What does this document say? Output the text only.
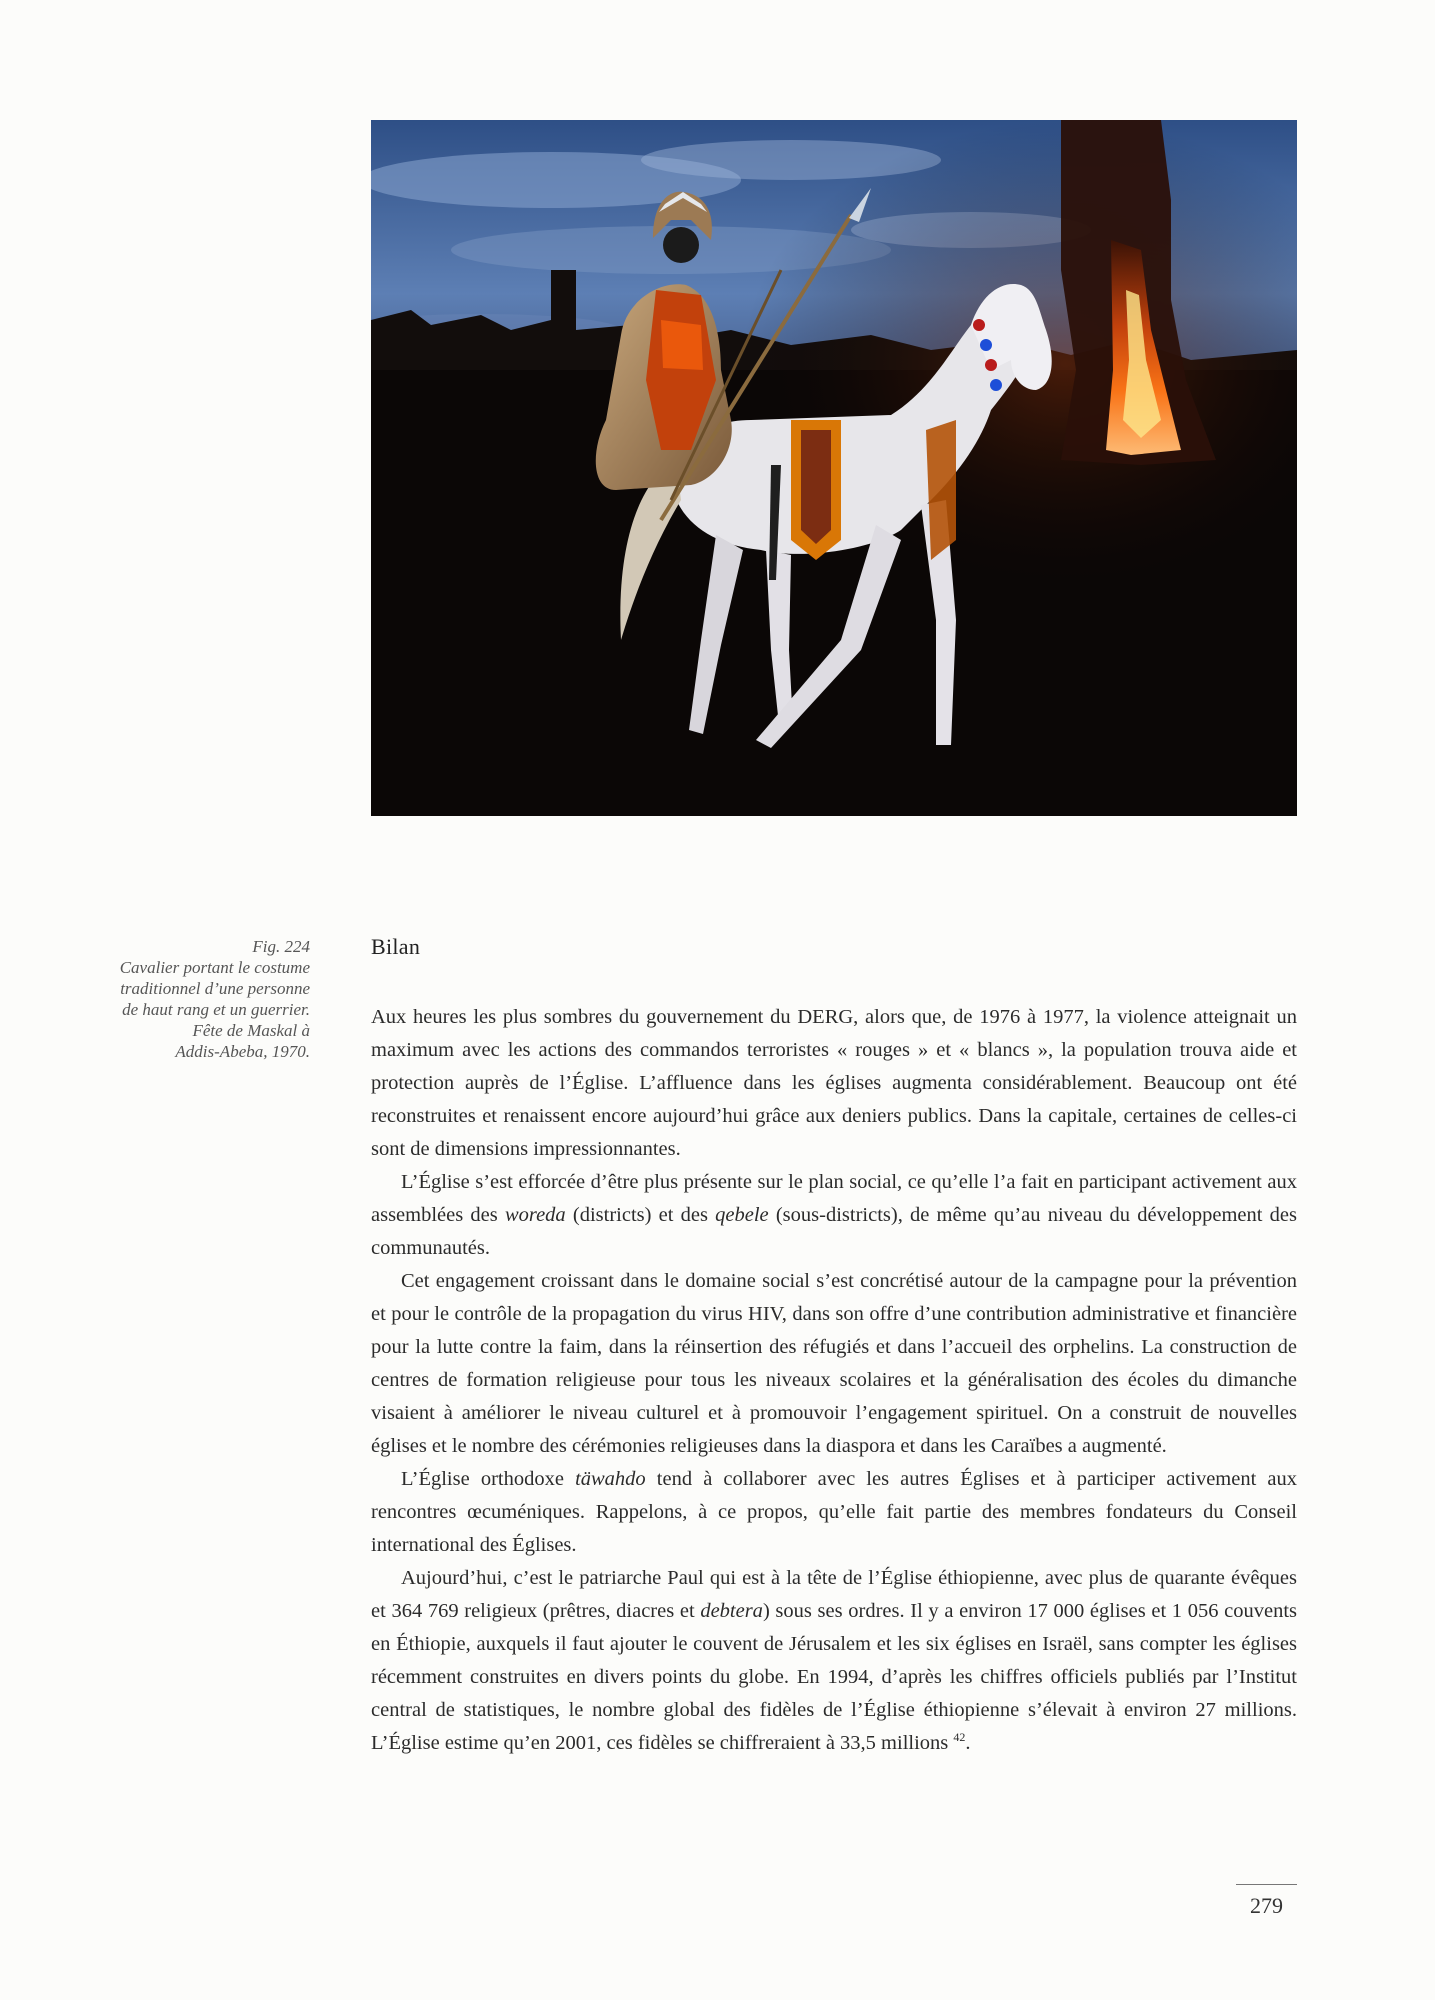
Fig. 224
Cavalier portant le costume
traditionnel d’une personne
de haut rang et un guerrier.
Fête de Maskal à
Addis-Abeba, 1970.
Bilan

Aux heures les plus sombres du gouvernement du DERG, alors que, de 1976 à 1977, la violence atteignait un maximum avec les actions des commandos terroristes « rouges » et « blancs », la population trouva aide et protection auprès de l’Église. L’affluence dans les églises augmenta considérablement. Beaucoup ont été reconstruites et renaissent encore aujourd’hui grâce aux deniers publics. Dans la capitale, certaines de celles-ci sont de dimensions impressionnantes.

L’Église s’est efforcée d’être plus présente sur le plan social, ce qu’elle l’a fait en participant activement aux assemblées des woreda (districts) et des qebele (sous-districts), de même qu’au niveau du développement des communautés.

Cet engagement croissant dans le domaine social s’est concrétisé autour de la campagne pour la prévention et pour le contrôle de la propagation du virus HIV, dans son offre d’une contribution administrative et financière pour la lutte contre la faim, dans la réinsertion des réfugiés et dans l’accueil des orphelins. La construction de centres de formation religieuse pour tous les niveaux scolaires et la généralisation des écoles du dimanche visaient à améliorer le niveau culturel et à promouvoir l’engagement spirituel. On a construit de nouvelles églises et le nombre des cérémonies religieuses dans la diaspora et dans les Caraïbes a augmenté.

L’Église orthodoxe täwahdo tend à collaborer avec les autres Églises et à participer activement aux rencontres œcuméniques. Rappelons, à ce propos, qu’elle fait partie des membres fondateurs du Conseil international des Églises.

Aujourd’hui, c’est le patriarche Paul qui est à la tête de l’Église éthiopienne, avec plus de quarante évêques et 364 769 religieux (prêtres, diacres et debtera) sous ses ordres. Il y a environ 17 000 églises et 1 056 couvents en Éthiopie, auxquels il faut ajouter le couvent de Jérusalem et les six églises en Israël, sans compter les églises récemment construites en divers points du globe. En 1994, d’après les chiffres officiels publiés par l’Institut central de statistiques, le nombre global des fidèles de l’Église éthiopienne s’élevait à environ 27 millions. L’Église estime qu’en 2001, ces fidèles se chiffreraient à 33,5 millions $^{42}$.

279
